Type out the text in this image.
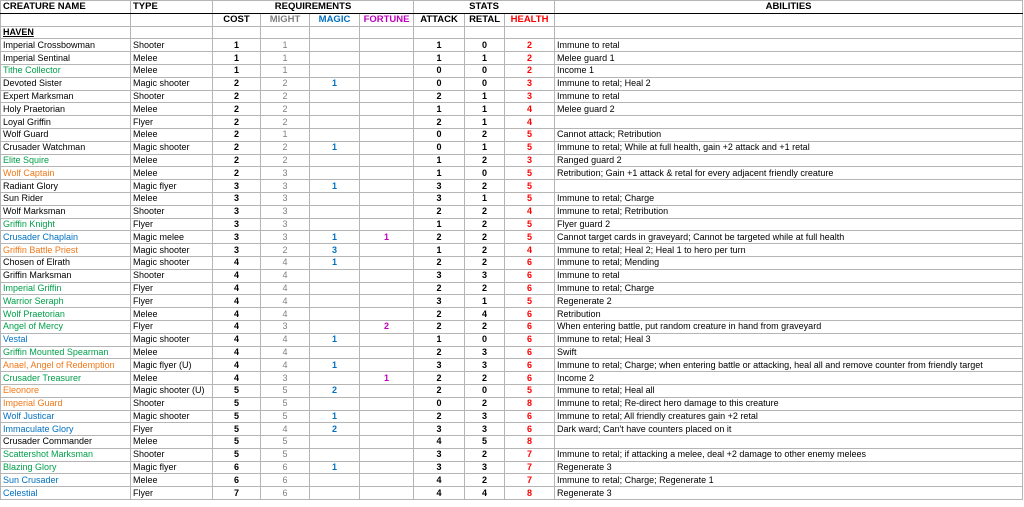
CREATURE NAME	TYPE	REQUIREMENTS				STATS			ABILITIES
		COST	MIGHT	MAGIC	FORTUNE	ATTACK	RETAL	HEALTH	
HAVEN									
Imperial Crossbowman	Shooter	1	1			1	0	2	Immune to retal
Imperial Sentinal	Melee	1	1			1	1	2	Melee guard 1
Tithe Collector	Melee	1	1			0	0	2	Income 1
Devoted Sister	Magic shooter	2	2	1		0	0	3	Immune to retal; Heal 2
Expert Marksman	Shooter	2	2			2	1	3	Immune to retal
Holy Praetorian	Melee	2	2			1	1	4	Melee guard 2
Loyal Griffin	Flyer	2	2			2	1	4	
Wolf Guard	Melee	2	1			0	2	5	Cannot attack; Retribution
Crusader Watchman	Magic shooter	2	2	1		0	1	5	Immune to retal; While at full health, gain +2 attack and +1 retal
Elite Squire	Melee	2	2			1	2	3	Ranged guard 2
Wolf Captain	Melee	2	3			1	0	5	Retribution; Gain +1 attack & retal for every adjacent friendly creature
Radiant Glory	Magic flyer	3	3	1		3	2	5	
Sun Rider	Melee	3	3			3	1	5	Immune to retal; Charge
Wolf Marksman	Shooter	3	3			2	2	4	Immune to retal; Retribution
Griffin Knight	Flyer	3	3			1	2	5	Flyer guard 2
Crusader Chaplain	Magic melee	3	3	1	1	2	2	5	Cannot target cards in graveyard; Cannot be targeted while at full health
Griffin Battle Priest	Magic shooter	3	2	3		1	2	4	Immune to retal; Heal 2; Heal 1 to hero per turn
Chosen of Elrath	Magic shooter	4	4	1		2	2	6	Immune to retal; Mending
Griffin Marksman	Shooter	4	4			3	3	6	Immune to retal
Imperial Griffin	Flyer	4	4			2	2	6	Immune to retal; Charge
Warrior Seraph	Flyer	4	4			3	1	5	Regenerate 2
Wolf Praetorian	Melee	4	4			2	4	6	Retribution
Angel of Mercy	Flyer	4	3		2	2	2	6	When entering battle, put random creature in hand from graveyard
Vestal	Magic shooter	4	4	1		1	0	6	Immune to retal; Heal 3
Griffin Mounted Spearman	Melee	4	4			2	3	6	Swift
Anael, Angel of Redemption	Magic flyer (U)	4	4	1		3	3	6	Immune to retal; Charge; when entering battle or attacking, heal all and remove counter from friendly target
Crusader Treasurer	Melee	4	3		1	2	2	6	Income 2
Eleonore	Magic shooter (U)	5	5	2		2	0	5	Immune to retal; Heal all
Imperial Guard	Shooter	5	5			0	2	8	Immune to retal; Re-direct hero damage to this creature
Wolf Justicar	Magic shooter	5	5	1		2	3	6	Immune to retal; All friendly creatures gain +2 retal
Immaculate Glory	Flyer	5	4	2		3	3	6	Dark ward; Can't have counters placed on it
Crusader Commander	Melee	5	5			4	5	8	
Scattershot Marksman	Shooter	5	5			3	2	7	Immune to retal; if attacking a melee, deal +2 damage to other enemy melees
Blazing Glory	Magic flyer	6	6	1		3	3	7	Regenerate 3
Sun Crusader	Melee	6	6			4	2	7	Immune to retal; Charge; Regenerate 1
Celestial	Flyer	7	6			4	4	8	Regenerate 3
